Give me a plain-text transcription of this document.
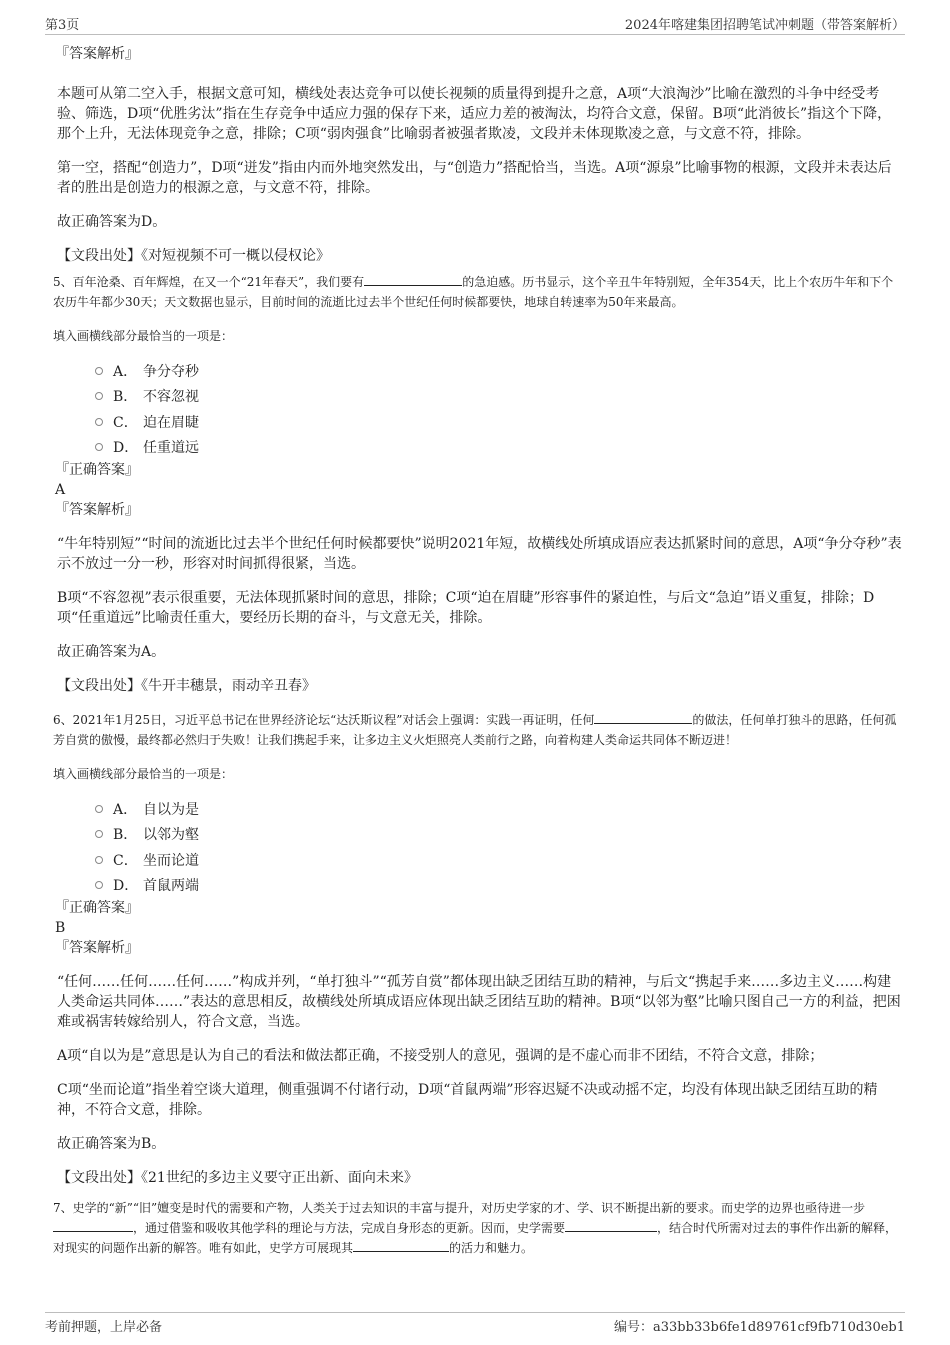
第3页	2024年喀建集团招聘笔试冲刺题（带答案解析）
『答案解析』
本题可从第二空入手，根据文意可知，横线处表达竞争可以使长视频的质量得到提升之意，A项“大浪淘沙”比喻在激烈的斗争中经受考验、筛选，D项“优胜劣汰”指在生存竞争中适应力强的保存下来，适应力差的被淘汰，均符合文意，保留。B项“此消彼长”指这个下降，那个上升，无法体现竞争之意，排除；C项“弱肉强食”比喻弱者被强者欺凌，文段并未体现欺凌之意，与文意不符，排除。
第一空，搭配“创造力”，D项“迸发”指由内而外地突然发出，与“创造力”搭配恰当，当选。A项“源泉”比喻事物的根源，文段并未表达后者的胜出是创造力的根源之意，与文意不符，排除。
故正确答案为D。
【文段出处】《对短视频不可一概以侵权论》
5、百年沧桑、百年辉煌，在又一个“21年春天”，我们要有	的急迫感。历书显示，这个辛丑牛年特别短，全年354天，比上个农历牛年和下个农历牛年都少30天；天文数据也显示，目前时间的流逝比过去半个世纪任何时候都要快，地球自转速率为50年来最高。
填入画横线部分最恰当的一项是：
A． 争分夺秒
B． 不容忽视
C． 迫在眉睫
D． 任重道远
『正确答案』
A
『答案解析』
“牛年特别短”“时间的流逝比过去半个世纪任何时候都要快”说明2021年短，故横线处所填成语应表达抓紧时间的意思，A项“争分夺秒”表示不放过一分一秒，形容对时间抓得很紧，当选。
B项“不容忽视”表示很重要，无法体现抓紧时间的意思，排除；C项“迫在眉睫”形容事件的紧迫性，与后文“急迫”语义重复，排除；D项“任重道远”比喻责任重大，要经历长期的奋斗，与文意无关，排除。
故正确答案为A。
【文段出处】《牛开丰穗景，雨动辛丑春》
6、2021年1月25日，习近平总书记在世界经济论坛“达沃斯议程”对话会上强调：实践一再证明，任何	的做法，任何单打独斗的思路，任何孤芳自赏的傲慢，最终都必然归于失败！让我们携起手来，让多边主义火炬照亮人类前行之路，向着构建人类命运共同体不断迈进！
填入画横线部分最恰当的一项是：
A． 自以为是
B． 以邻为壑
C． 坐而论道
D． 首鼠两端
『正确答案』
B
『答案解析』
“任何……任何……任何……”构成并列，“单打独斗”“孤芳自赏”都体现出缺乏团结互助的精神，与后文“携起手来……多边主义……构建人类命运共同体……”表达的意思相反，故横线处所填成语应体现出缺乏团结互助的精神。B项“以邻为壑”比喻只图自己一方的利益，把困难或祸害转嫁给别人，符合文意，当选。
A项“自以为是”意思是认为自己的看法和做法都正确，不接受别人的意见，强调的是不虚心而非不团结，不符合文意，排除；
C项“坐而论道”指坐着空谈大道理，侧重强调不付诸行动，D项“首鼠两端”形容迟疑不决或动摇不定，均没有体现出缺乏团结互助的精神，不符合文意，排除。
故正确答案为B。
【文段出处】《21世纪的多边主义要守正出新、面向未来》
7、史学的“新”“旧”嬗变是时代的需要和产物，人类关于过去知识的丰富与提升，对历史学家的才、学、识不断提出新的要求。而史学的边界也亟待进一步，通过借鉴和吸收其他学科的理论与方法，完成自身形态的更新。因而，史学需要	，结合时代所需对过去的事件作出新的解释，对现实的问题作出新的解答。唯有如此，史学方可展现其	的活力和魅力。
考前押题，上岸必备	编号：a33bb33b6fe1d89761cf9fb710d30eb1
